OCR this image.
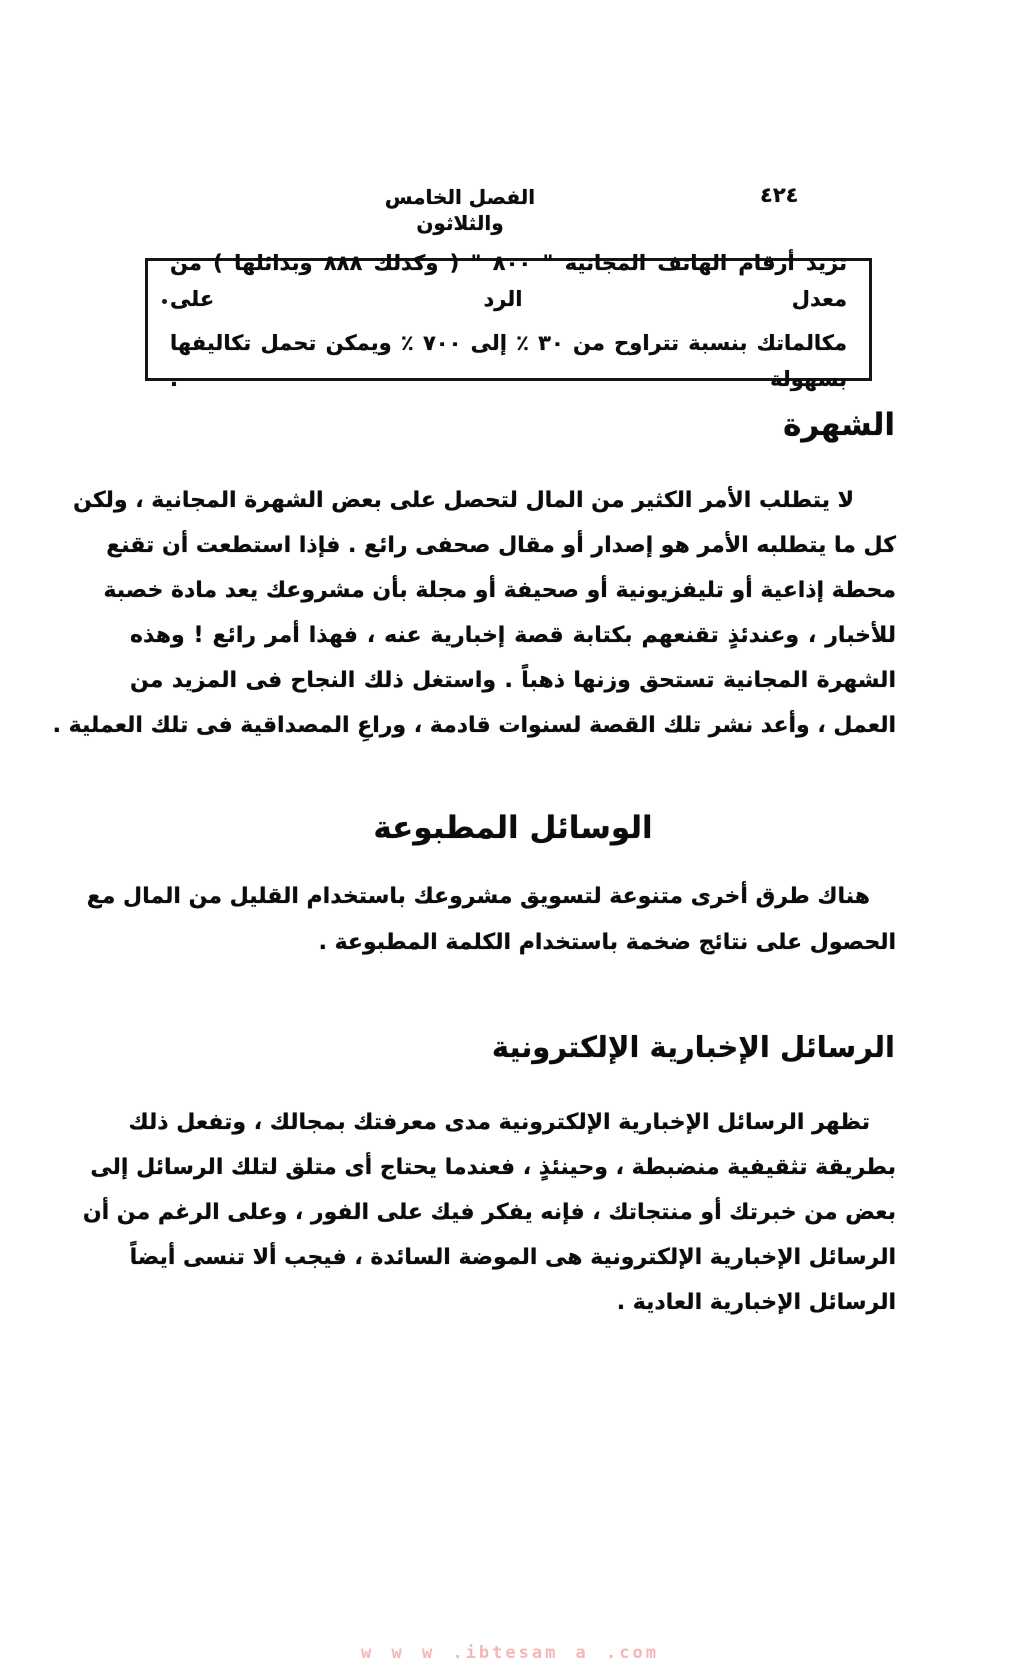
الفصل الخامس والثلاثون
٤٢٤
تزيد أرقام الهاتف المجانية " ٨٠٠ " ( وكذلك ٨٨٨ وبدائلها ) من معدل الرد على
مكالماتك بنسبة تتراوح من ٣٠ ٪ إلى ٧٠٠ ٪ ويمكن تحمل تكاليفها بسهولة .
الشهرة
لا يتطلب الأمر الكثير من المال لتحصل على بعض الشهرة المجانية ، ولكن
كل ما يتطلبه الأمر هو إصدار أو مقال صحفى رائع . فإذا استطعت أن تقنع
محطة إذاعية أو تليفزيونية أو صحيفة أو مجلة بأن مشروعك يعد مادة خصبة
للأخبار ، وعندئذٍ تقنعهم بكتابة قصة إخبارية عنه ، فهذا أمر رائع ! وهذه
الشهرة المجانية تستحق وزنها ذهباً . واستغل ذلك النجاح فى المزيد من
العمل ، وأعد نشر تلك القصة لسنوات قادمة ، وراعِ المصداقية فى تلك العملية .
الوسائل المطبوعة
هناك طرق أخرى متنوعة لتسويق مشروعك باستخدام القليل من المال مع
الحصول على نتائج ضخمة باستخدام الكلمة المطبوعة .
الرسائل الإخبارية الإلكترونية
تظهر الرسائل الإخبارية الإلكترونية مدى معرفتك بمجالك ، وتفعل ذلك
بطريقة تثقيفية منضبطة ، وحينئذٍ ، فعندما يحتاج أى متلق لتلك الرسائل إلى
بعض من خبرتك أو منتجاتك ، فإنه يفكر فيك على الفور ، وعلى الرغم من أن
الرسائل الإخبارية الإلكترونية هى الموضة السائدة ، فيجب ألا تنسى أيضاً
الرسائل الإخبارية العادية .
w w w .ibtesam a .com
